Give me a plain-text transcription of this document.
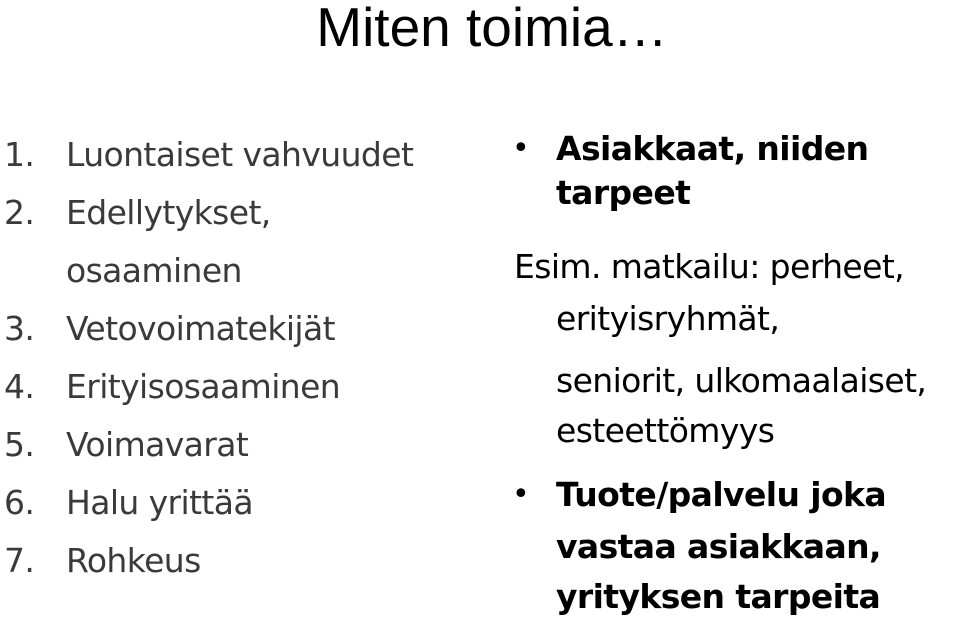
Miten toimia…
1. Luontaiset vahvuudet
2. Edellytykset,
osaaminen
3. Vetovoimatekijät
4. Erityisosaaminen
5. Voimavarat
6. Halu yrittää
7. Rohkeus
• Asiakkaat, niiden
tarpeet
Esim. matkailu: perheet,
erityisryhmät,
seniorit, ulkomaalaiset,
esteettömyys
• Tuote/palvelu joka
vastaa asiakkaan,
yrityksen tarpeita
